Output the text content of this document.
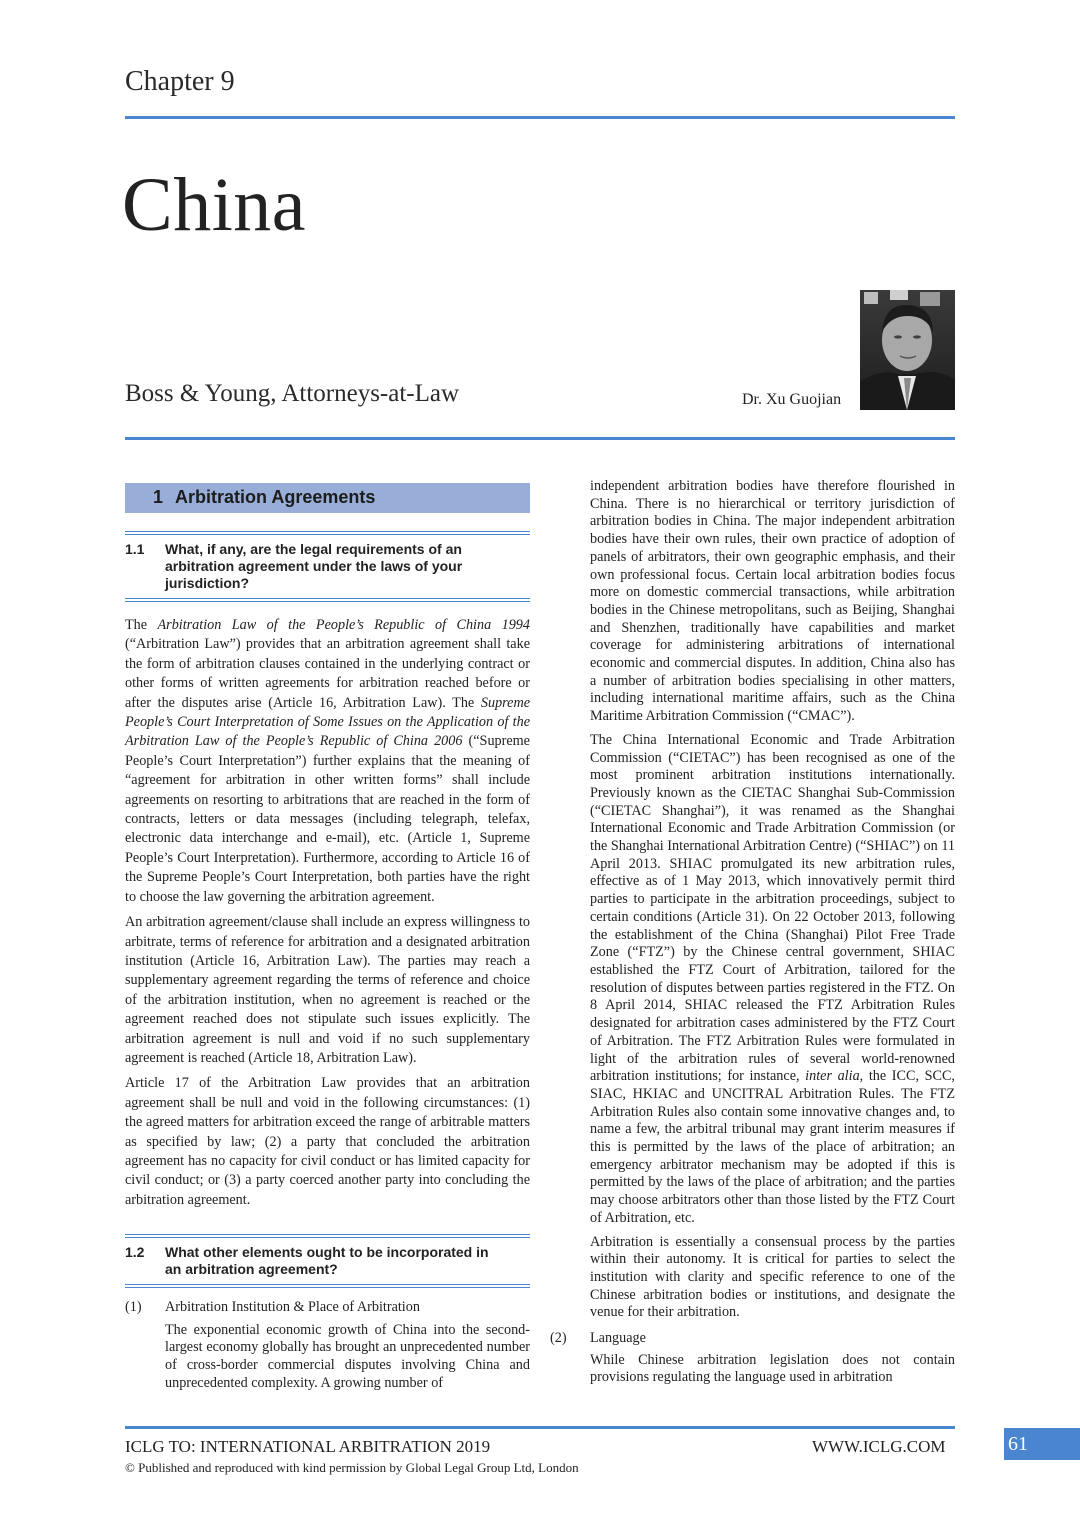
Chapter 9
China
Boss & Young, Attorneys-at-Law	Dr. Xu Guojian
1 Arbitration Agreements
1.1	What, if any, are the legal requirements of an arbitration agreement under the laws of your jurisdiction?

The Arbitration Law of the People’s Republic of China 1994 (“Arbitration Law”) provides that an arbitration agreement shall take the form of arbitration clauses contained in the underlying contract or other forms of written agreements for arbitration reached before or after the disputes arise (Article 16, Arbitration Law). The Supreme People’s Court Interpretation of Some Issues on the Application of the Arbitration Law of the People’s Republic of China 2006 (“Supreme People’s Court Interpretation”) further explains that the meaning of “agreement for arbitration in other written forms” shall include agreements on resorting to arbitrations that are reached in the form of contracts, letters or data messages (including telegraph, telefax, electronic data interchange and e-mail), etc. (Article 1, Supreme People’s Court Interpretation). Furthermore, according to Article 16 of the Supreme People’s Court Interpretation, both parties have the right to choose the law governing the arbitration agreement.

An arbitration agreement/clause shall include an express willingness to arbitrate, terms of reference for arbitration and a designated arbitration institution (Article 16, Arbitration Law). The parties may reach a supplementary agreement regarding the terms of reference and choice of the arbitration institution, when no agreement is reached or the agreement reached does not stipulate such issues explicitly. The arbitration agreement is null and void if no such supplementary agreement is reached (Article 18, Arbitration Law).

Article 17 of the Arbitration Law provides that an arbitration agreement shall be null and void in the following circumstances: (1) the agreed matters for arbitration exceed the range of arbitrable matters as specified by law; (2) a party that concluded the arbitration agreement has no capacity for civil conduct or has limited capacity for civil conduct; or (3) a party coerced another party into concluding the arbitration agreement.

1.2	What other elements ought to be incorporated in an arbitration agreement?
(1)	Arbitration Institution & Place of Arbitration

The exponential economic growth of China into the second-largest economy globally has brought an unprecedented number of cross-border commercial disputes involving China and unprecedented complexity. A growing number of

independent arbitration bodies have therefore flourished in China. There is no hierarchical or territory jurisdiction of arbitration bodies in China. The major independent arbitration bodies have their own rules, their own practice of adoption of panels of arbitrators, their own geographic emphasis, and their own professional focus. Certain local arbitration bodies focus more on domestic commercial transactions, while arbitration bodies in the Chinese metropolitans, such as Beijing, Shanghai and Shenzhen, traditionally have capabilities and market coverage for administering arbitrations of international economic and commercial disputes. In addition, China also has a number of arbitration bodies specialising in other matters, including international maritime affairs, such as the China Maritime Arbitration Commission (“CMAC”).

The China International Economic and Trade Arbitration Commission (“CIETAC”) has been recognised as one of the most prominent arbitration institutions internationally. Previously known as the CIETAC Shanghai Sub-Commission (“CIETAC Shanghai”), it was renamed as the Shanghai International Economic and Trade Arbitration Commission (or the Shanghai International Arbitration Centre) (“SHIAC”) on 11 April 2013. SHIAC promulgated its new arbitration rules, effective as of 1 May 2013, which innovatively permit third parties to participate in the arbitration proceedings, subject to certain conditions (Article 31). On 22 October 2013, following the establishment of the China (Shanghai) Pilot Free Trade Zone (“FTZ”) by the Chinese central government, SHIAC established the FTZ Court of Arbitration, tailored for the resolution of disputes between parties registered in the FTZ. On 8 April 2014, SHIAC released the FTZ Arbitration Rules designated for arbitration cases administered by the FTZ Court of Arbitration. The FTZ Arbitration Rules were formulated in light of the arbitration rules of several world-renowned arbitration institutions; for instance, inter alia, the ICC, SCC, SIAC, HKIAC and UNCITRAL Arbitration Rules. The FTZ Arbitration Rules also contain some innovative changes and, to name a few, the arbitral tribunal may grant interim measures if this is permitted by the laws of the place of arbitration; an emergency arbitrator mechanism may be adopted if this is permitted by the laws of the place of arbitration; and the parties may choose arbitrators other than those listed by the FTZ Court of Arbitration, etc.

Arbitration is essentially a consensual process by the parties within their autonomy. It is critical for parties to select the institution with clarity and specific reference to one of the Chinese arbitration bodies or institutions, and designate the venue for their arbitration.

(2)	Language

While Chinese arbitration legislation does not contain provisions regulating the language used in arbitration

ICLG TO: INTERNATIONAL ARBITRATION 2019	WWW.ICLG.COM
© Published and reproduced with kind permission by Global Legal Group Ltd, London
61
